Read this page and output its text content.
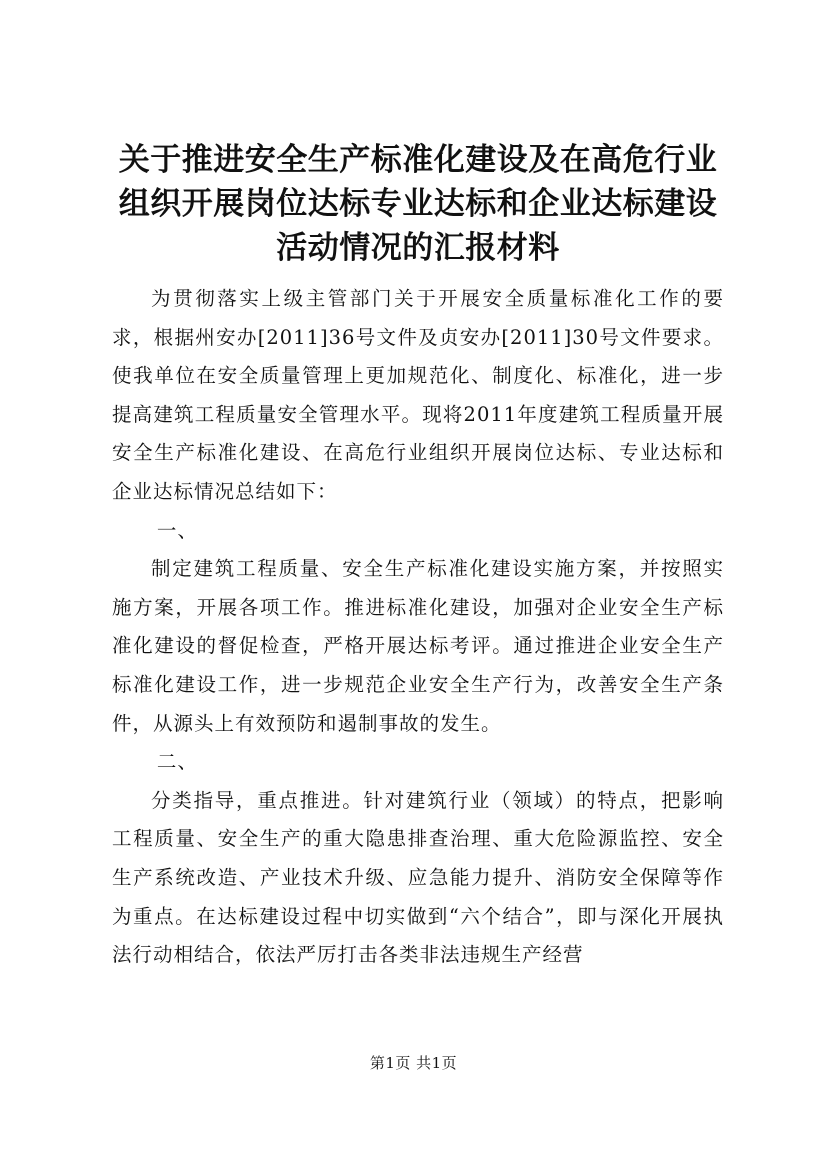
关于推进安全生产标准化建设及在高危行业组织开展岗位达标专业达标和企业达标建设活动情况的汇报材料

为贯彻落实上级主管部门关于开展安全质量标准化工作的要求，根据州安办[2011]36号文件及贞安办[2011]30号文件要求。使我单位在安全质量管理上更加规范化、制度化、标准化，进一步提高建筑工程质量安全管理水平。现将2011年度建筑工程质量开展安全生产标准化建设、在高危行业组织开展岗位达标、专业达标和企业达标情况总结如下：

一、

制定建筑工程质量、安全生产标准化建设实施方案，并按照实施方案，开展各项工作。推进标准化建设，加强对企业安全生产标准化建设的督促检查，严格开展达标考评。通过推进企业安全生产标准化建设工作，进一步规范企业安全生产行为，改善安全生产条件，从源头上有效预防和遏制事故的发生。

二、

分类指导，重点推进。针对建筑行业（领域）的特点，把影响工程质量、安全生产的重大隐患排查治理、重大危险源监控、安全生产系统改造、产业技术升级、应急能力提升、消防安全保障等作为重点。在达标建设过程中切实做到“六个结合”，即与深化开展执法行动相结合，依法严厉打击各类非法违规生产经营

第1页 共1页
